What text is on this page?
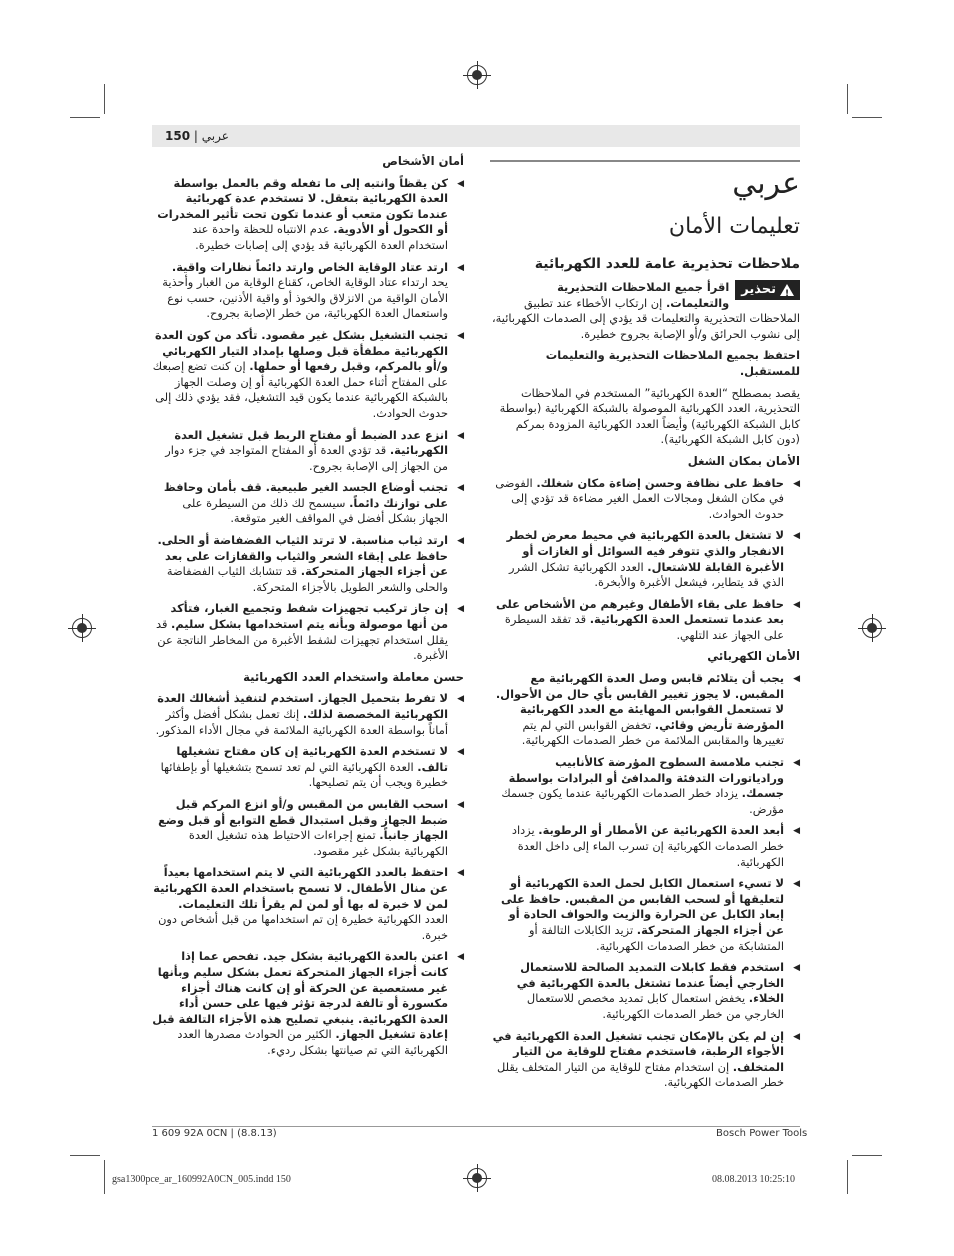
عربي | 150
عربي
تعليمات الأمان
ملاحظات تحذيرية عامة للعدد الكهربائية

!
تحذير
اقرأ جميع الملاحظات التحذيرية والتعليمات. إن ارتكاب الأخطاء عند تطبيق الملاحظات التحذيرية والتعليمات قد يؤدي إلى الصدمات الكهربائية، إلى نشوب الحرائق و/أو الإصابة بجروح خطيرة.

احتفظ بجميع الملاحظات التحذيرية والتعليمات للمستقبل.

يقصد بمصطلح “العدة الكهربائية” المستخدم في الملاحظات التحذيرية، العدد الكهربائية الموصولة بالشبكة الكهربائية (بواسطة كابل الشبكة الكهربائية) وأيضاً العدد الكهربائية المزودة بمركم (دون كابل الشبكة الكهربائية).

الأمان بمكان الشغل
◀
حافظ على نظافة وحسن إضاءة مكان شغلك. الفوضى في مكان الشغل ومجالات العمل الغير مضاءة قد تؤدي إلى حدوث الحوادث.
◀
لا تشتغل بالعدة الكهربائية في محيط معرض لخطر الانفجار والذي تتوفر فيه السوائل أو الغازات أو الأغبرة القابلة للاشتعال. العدد الكهربائية تشكل الشرر الذي قد يتطاير، فيشعل الأغبرة والأبخرة.
◀
حافظ على بقاء الأطفال وغيرهم من الأشخاص على بعد عندما تستعمل العدة الكهربائية. قد تفقد السيطرة على الجهاز عند التلهي.
الأمان الكهربائي
◀
يجب أن يتلائم قابس وصل العدة الكهربائية مع المقبس. لا يجوز تغيير القابس بأي حال من الأحوال. لا تستعمل القوابس المهايئة مع العدد الكهربائية المؤرضة تأريض وقائي. تخفض القوابس التي لم يتم تغييرها والمقابس الملائمة من خطر الصدمات الكهربائية.
◀
تجنب ملامسة السطوح المؤرضة كالأنابيب ورادياتورات التدفئة والمدافئ أو البرادات بواسطة جسمك. يزداد خطر الصدمات الكهربائية عندما يكون جسمك مؤرض.
◀
أبعد العدة الكهربائية عن الأمطار أو الرطوبة. يزداد خطر الصدمات الكهربائية إن تسرب الماء إلى داخل العدة الكهربائية.
◀
لا تسيء استعمال الكابل لحمل العدة الكهربائية أو لتعليقها أو لسحب القابس من المقبس. حافظ على إبعاد الكابل عن الحرارة والزيت والحواف الحادة أو عن أجزاء الجهاز المتحركة. تزيد الكابلات التالفة أو المتشابكة من خطر الصدمات الكهربائية.
◀
استخدم فقط كابلات التمديد الصالحة للاستعمال الخارجي أيضاً عندما تشتغل بالعدة الكهربائية في الخلاء. يخفض استعمال كابل تمديد مخصص للاستعمال الخارجي من خطر الصدمات الكهربائية.
◀
إن لم يكن بالإمكان تجنب تشغيل العدة الكهربائية في الأجواء الرطبة، فاستخدم مفتاح للوقاية من التيار المتخلف. إن استخدام مفتاح للوقاية من التيار المتخلف يقلل خطر الصدمات الكهربائية.
أمان الأشخاص
◀
كن يقظاً وانتبه إلى ما تفعله وقم بالعمل بواسطة العدة الكهربائية بتعقل. لا تستخدم عدة كهربائية عندما تكون متعب أو عندما تكون تحت تأثير المخدرات أو الكحول أو الأدوية. عدم الانتباه للحظة واحدة عند استخدام العدة الكهربائية قد يؤدي إلى إصابات خطيرة.
◀
ارتد عتاد الوقاية الخاص وارتد دائماً نظارات واقية. يحد ارتداء عتاد الوقاية الخاص، كقناع الوقاية من الغبار وأحذية الأمان الواقية من الانزلاق والخوذ أو واقية الأذنين، حسب نوع واستعمال العدة الكهربائية، من خطر الإصابة بجروح.
◀
تجنب التشغيل بشكل غير مقصود. تأكد من كون العدة الكهربائية مطفأة قبل وصلها بإمداد التيار الكهربائي و/أو بالمركم، وقبل رفعها أو حملها. إن كنت تضع إصبعك على المفتاح أثناء حمل العدة الكهربائية أو إن وصلت الجهاز بالشبكة الكهربائية عندما يكون قيد التشغيل، فقد يؤدي ذلك إلى حدوث الحوادث.
◀
انزع عدد الضبط أو مفتاح الربط قبل تشغيل العدة الكهربائية. قد تؤدي العدة أو المفتاح المتواجد في جزء دوار من الجهاز إلى الإصابة بجروح.
◀
تجنب أوضاع الجسد الغير طبيعية. قف بأمان وحافظ على توازنك دائماً. سيسمح لك ذلك من السيطرة على الجهاز بشكل أفضل في المواقف الغير متوقعة.
◀
ارتد ثياب مناسبة. لا ترتد الثياب الفضفاضة أو الحلى. حافظ على إبقاء الشعر والثياب والقفازات على بعد عن أجزاء الجهاز المتحركة. قد تتشابك الثياب الفضفاضة والحلى والشعر الطويل بالأجزاء المتحركة.
◀
إن جاز تركيب تجهيزات شفط وتجميع الغبار، فتأكد من أنها موصولة وبأنه يتم استخدامها بشكل سليم. قد يقلل استخدام تجهيزات لشفط الأغبرة من المخاطر الناتجة عن الأغبرة.
حسن معاملة واستخدام العدد الكهربائية
◀
لا تفرط بتحميل الجهاز. استخدم لتنفيذ أشغالك العدة الكهربائية المخصصة لذلك. إنك تعمل بشكل أفضل وأكثر أماناً بواسطة العدة الكهربائية الملائمة في مجال الأداء المذكور.
◀
لا تستخدم العدة الكهربائية إن كان مفتاح تشغيلها تالف. العدة الكهربائية التي لم تعد تسمح بتشغيلها أو بإطفائها خطيرة ويجب أن يتم تصليحها.
◀
اسحب القابس من المقبس و/أو انزع المركم قبل ضبط الجهاز وقبل استبدال قطع التوابع أو قبل وضع الجهاز جانباً. تمنع إجراءات الاحتياط هذه تشغيل العدة الكهربائية بشكل غير مقصود.
◀
احتفظ بالعدد الكهربائية التي لا يتم استخدامها بعيداً عن منال الأطفال. لا تسمح باستخدام العدة الكهربائية لمن لا خبرة له بها أو لمن لم يقرأ تلك التعليمات. العدد الكهربائية خطيرة إن تم استخدامها من قبل أشخاص دون خبرة.
◀
اعتن بالعدة الكهربائية بشكل جيد. تفحص عما إذا كانت أجزاء الجهاز المتحركة تعمل بشكل سليم وبأنها غير مستعصية عن الحركة أو إن كانت هناك أجزاء مكسورة أو تالفة لدرجة تؤثر فيها على حسن أداء العدة الكهربائية. ينبغي تصليح هذه الأجزاء التالفة قبل إعادة تشغيل الجهاز. الكثير من الحوادث مصدرها العدد الكهربائية التي تم صيانتها بشكل رديء.
1 609 92A 0CN | (8.8.13)	Bosch Power Tools
gsa1300pce_ar_160992A0CN_005.indd 150	08.08.2013 10:25:10
